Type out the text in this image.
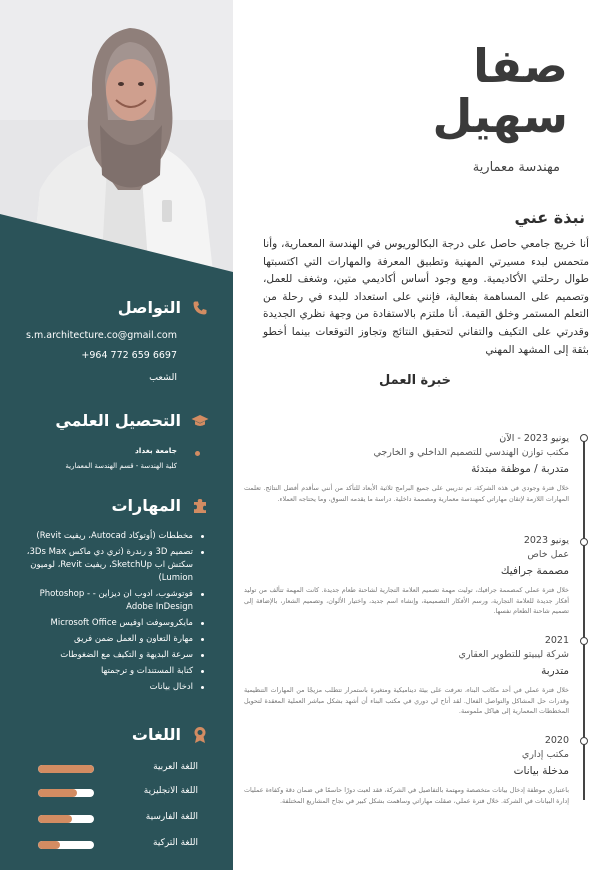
التواصل
s.m.architecture.co@gmail.com
+964 772 659 6697
الشعب
التحصيل العلمي
جامعة بغداد
كلية الهندسة - قسم الهندسة المعمارية
المهارات
مخططات (أوتوكاد Autocad، ريفيت Revit)
تصميم 3D و رندرة (ثري دي ماكس 3Ds Max، سكتش اب SketchUp، ريفيت Revit، لوميون Lumion)
فوتوشوب، ادوب ان ديزاين - Photoshop - Adobe InDesign
مايكروسوفت اوفيس Microsoft Office
مهارة التعاون و العمل ضمن فريق
سرعة البديهة و التكيف مع الضغوطات
كتابة المستندات و ترجمتها
ادخال بيانات
اللغات
اللغة العربية
اللغة الانجليزية
اللغة الفارسية
اللغة التركية
صفا
سهيل
مهندسة معمارية
نبذة عني
أنا خريج جامعي حاصل على درجة البكالوريوس في الهندسة المعمارية، وأنا متحمس لبدء مسيرتي المهنية وتطبيق المعرفة والمهارات التي اكتسبتها طوال رحلتي الأكاديمية. ومع وجود أساس أكاديمي متين، وشغف للعمل، وتصميم على المساهمة بفعالية، فإنني على استعداد للبدء في رحلة من التعلم المستمر وخلق القيمة. أنا ملتزم بالاستفادة من وجهة نظري الجديدة وقدرتي على التكيف والتفاني لتحقيق النتائج وتجاوز التوقعات بينما أخطو بثقة إلى المشهد المهني
خبرة العمل
يونيو 2023 - الآن
مكتب توازن الهندسي للتصميم الداخلي و الخارجي
متدربة / موظفة مبتدئة
خلال فترة وجودي في هذه الشركة، تم تدريبي على جميع البرامج ثلاثية الأبعاد للتأكد من أنني سأقدم أفضل النتائج. تعلمت المهارات اللازمة لإتقان مهاراتي كمهندسة معمارية ومصممة داخلية. دراسة ما يقدمه السوق، وما يحتاجه العملاء.
يونيو 2023
عمل خاص
مصممة جرافيك
خلال فترة عملي كمصممة جرافيك، توليت مهمة تصميم العلامة التجارية لشاحنة طعام جديدة. كانت المهمة تتألف من توليد أفكار جديدة للعلامة التجارية، ورسم الأفكار التصميمية، وإنشاء اسم جديد، واختيار الألوان، وتصميم الشعار، بالإضافة إلى تصميم شاحنة الطعام نفسها.
2021
شركة ليبيتو للتطوير العقاري
متدربة
خلال فترة عملي في أحد مكاتب البناء، تعرفت على بيئة ديناميكية ومتغيرة باستمرار تتطلب مزيجًا من المهارات التنظيمية وقدرات حل المشاكل والتواصل الفعال. لقد أتاح لي دوري في مكتب البناء أن أشهد بشكل مباشر العملية المعقدة لتحويل المخططات المعمارية إلى هياكل ملموسة.
2020
مكتب إداري
مدخلة بيانات
باعتباري موظفة إدخال بيانات متخصصة ومهتمة بالتفاصيل في الشركة، فقد لعبت دورًا حاسمًا في ضمان دقة وكفاءة عمليات إدارة البيانات في الشركة. خلال فترة عملي، صقلت مهاراتي وساهمت بشكل كبير في نجاح المشاريع المختلفة.
